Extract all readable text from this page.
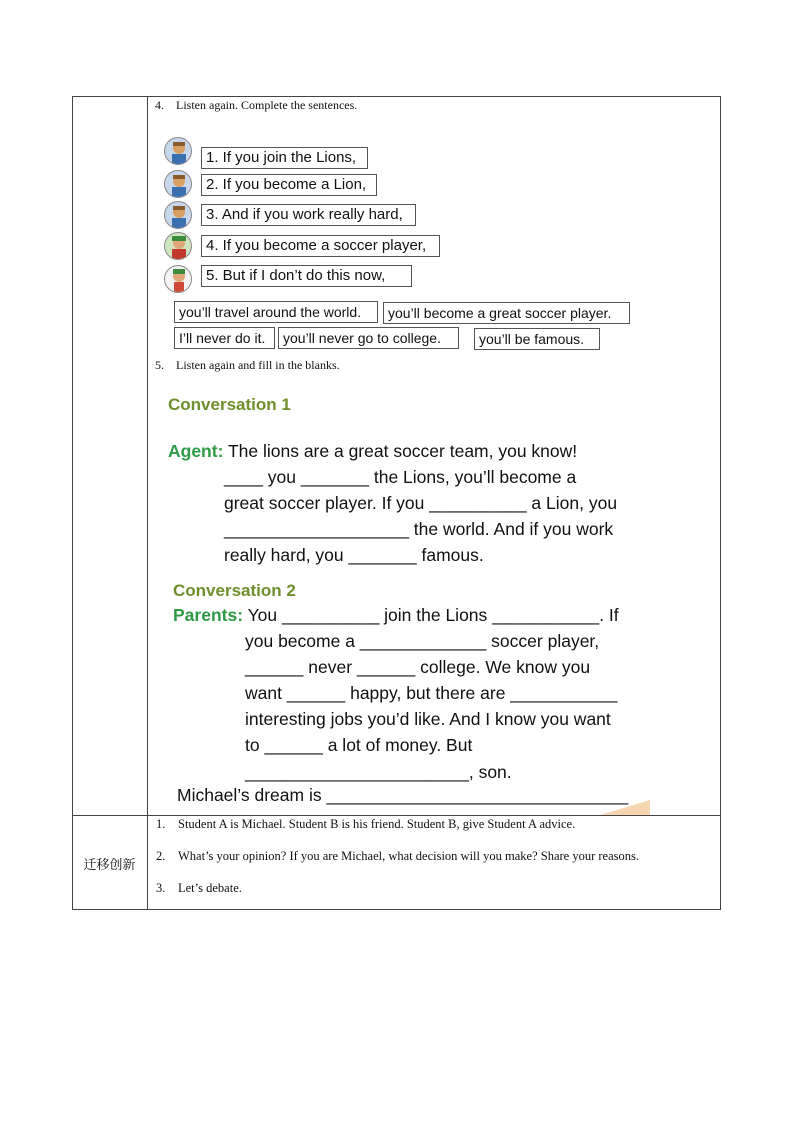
4. Listen again. Complete the sentences.
1. If you join the Lions,
2. If you become a Lion,
3. And if you work really hard,
4. If you become a soccer player,
5. But if I don’t do this now,
you’ll travel around the world.	you’ll become a great soccer player.
I’ll never do it.	you’ll never go to college.	you’ll be famous.
5. Listen again and fill in the blanks.
Conversation 1
Agent: The lions are a great soccer team, you know!
____ you _______ the Lions, you’ll become a
great soccer player. If you __________ a Lion, you
___________________ the world. And if you work
really hard, you _______ famous.
Conversation 2
Parents: You __________ join the Lions ___________. If
you become a _____________ soccer player,
______ never ______ college. We know you
want ______ happy, but there are ___________
interesting jobs you’d like. And I know you want
to ______ a lot of money. But
_______________________, son.
Michael’s dream is _______________________________
迁移创新
1. Student A is Michael. Student B is his friend. Student B, give Student A advice.
2. What’s your opinion? If you are Michael, what decision will you make? Share your reasons.
3. Let’s debate.
